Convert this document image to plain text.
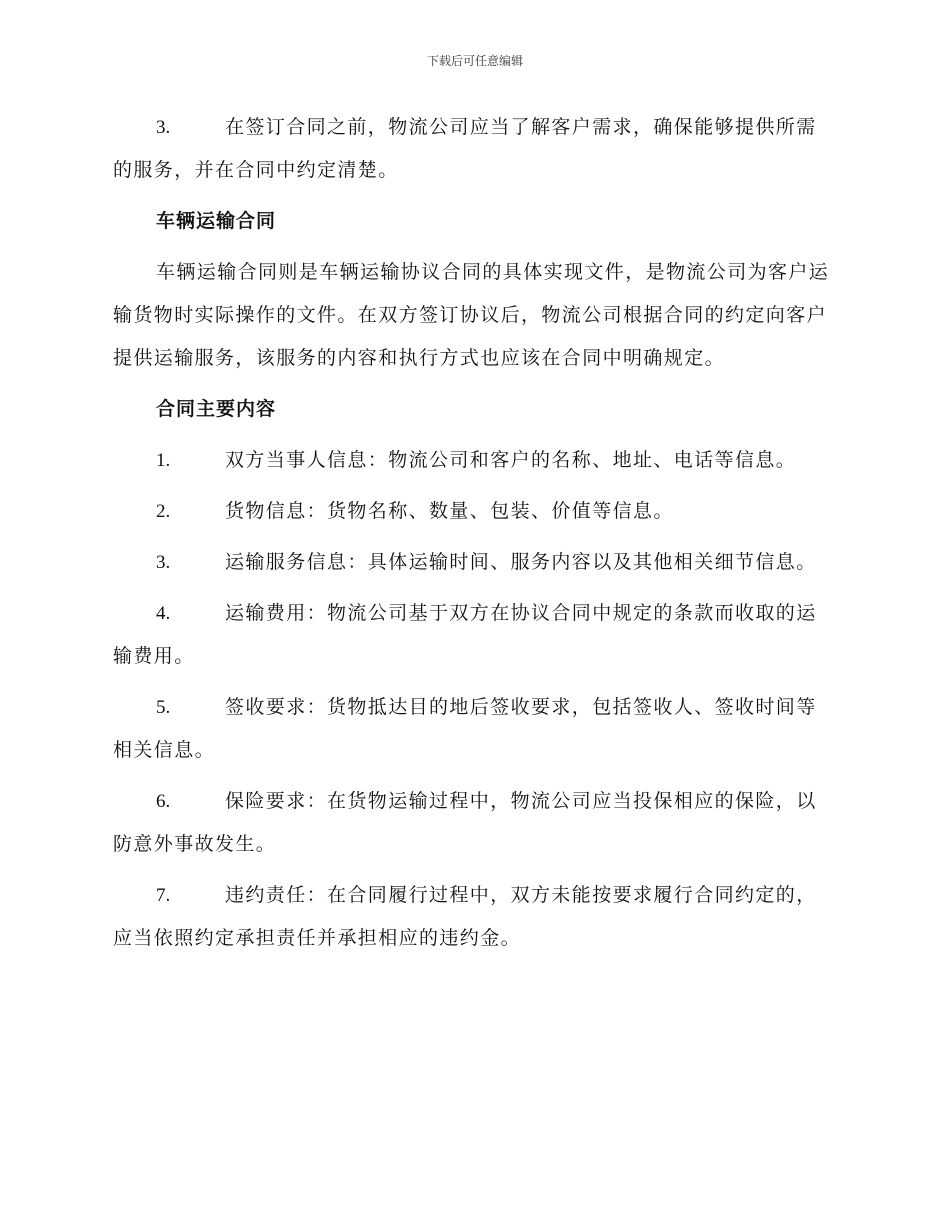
下载后可任意编辑

3.	在签订合同之前，物流公司应当了解客户需求，确保能够提供所需的服务，并在合同中约定清楚。

车辆运输合同

车辆运输合同则是车辆运输协议合同的具体实现文件，是物流公司为客户运输货物时实际操作的文件。在双方签订协议后，物流公司根据合同的约定向客户提供运输服务，该服务的内容和执行方式也应该在合同中明确规定。

合同主要内容

1.	双方当事人信息：物流公司和客户的名称、地址、电话等信息。

2.	货物信息：货物名称、数量、包装、价值等信息。

3.	运输服务信息：具体运输时间、服务内容以及其他相关细节信息。

4.	运输费用：物流公司基于双方在协议合同中规定的条款而收取的运输费用。

5.	签收要求：货物抵达目的地后签收要求，包括签收人、签收时间等相关信息。

6.	保险要求：在货物运输过程中，物流公司应当投保相应的保险，以防意外事故发生。

7.	违约责任：在合同履行过程中，双方未能按要求履行合同约定的，应当依照约定承担责任并承担相应的违约金。
